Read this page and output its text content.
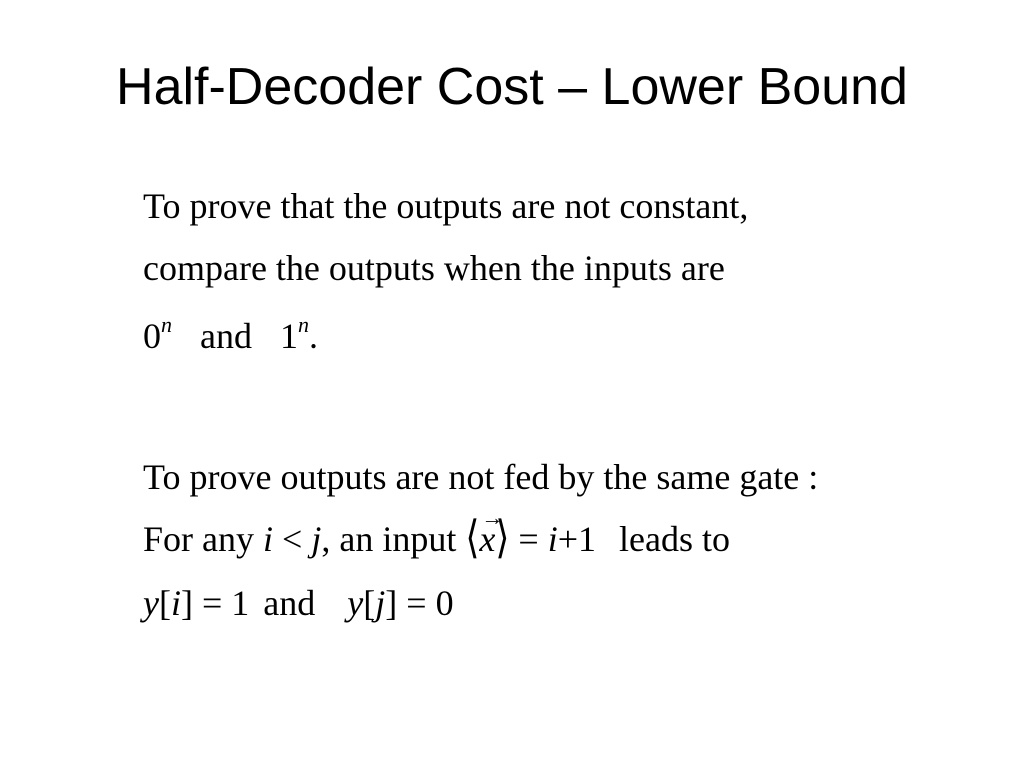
Half-Decoder Cost – Lower Bound
To prove that the outputs are not constant,
compare the outputs when the inputs are
0$^n$ and 1$^n$.
To prove outputs are not fed by the same gate :
For any i < j, an input ⟨ →
x⟩ = i+1 leads to
y[i] = 1 and y[j] = 0
